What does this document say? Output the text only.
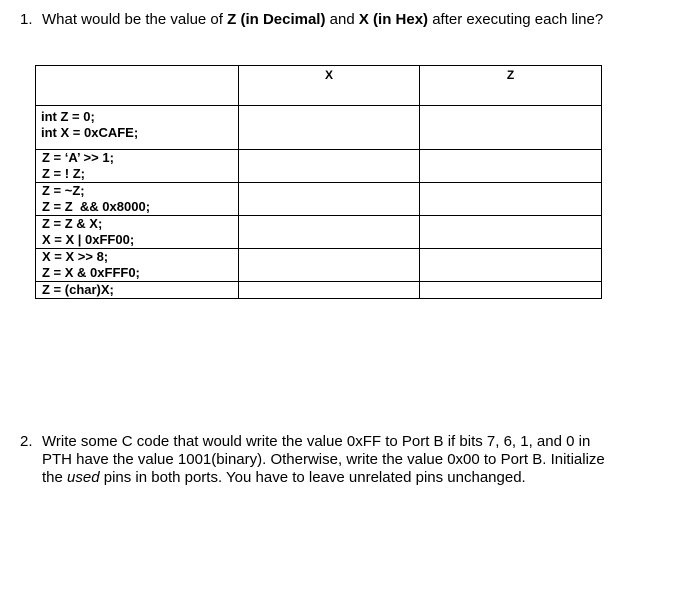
1. What would be the value of Z (in Decimal) and X (in Hex) after executing each line?
	X	Z

int Z = 0;
int X = 0xCAFE;		

Z = ‘A’ >> 1;
Z = ! Z;		

Z = ~Z;
Z = Z  && 0x8000;		

Z = Z & X;
X = X | 0xFF00;		

X = X >> 8;
Z = X & 0xFFF0;		

Z = (char)X;		

2. Write some C code that would write the value 0xFF to Port B if bits 7, 6, 1, and 0 in PTH have the value 1001(binary). Otherwise, write the value 0x00 to Port B. Initialize the used pins in both ports. You have to leave unrelated pins unchanged.
